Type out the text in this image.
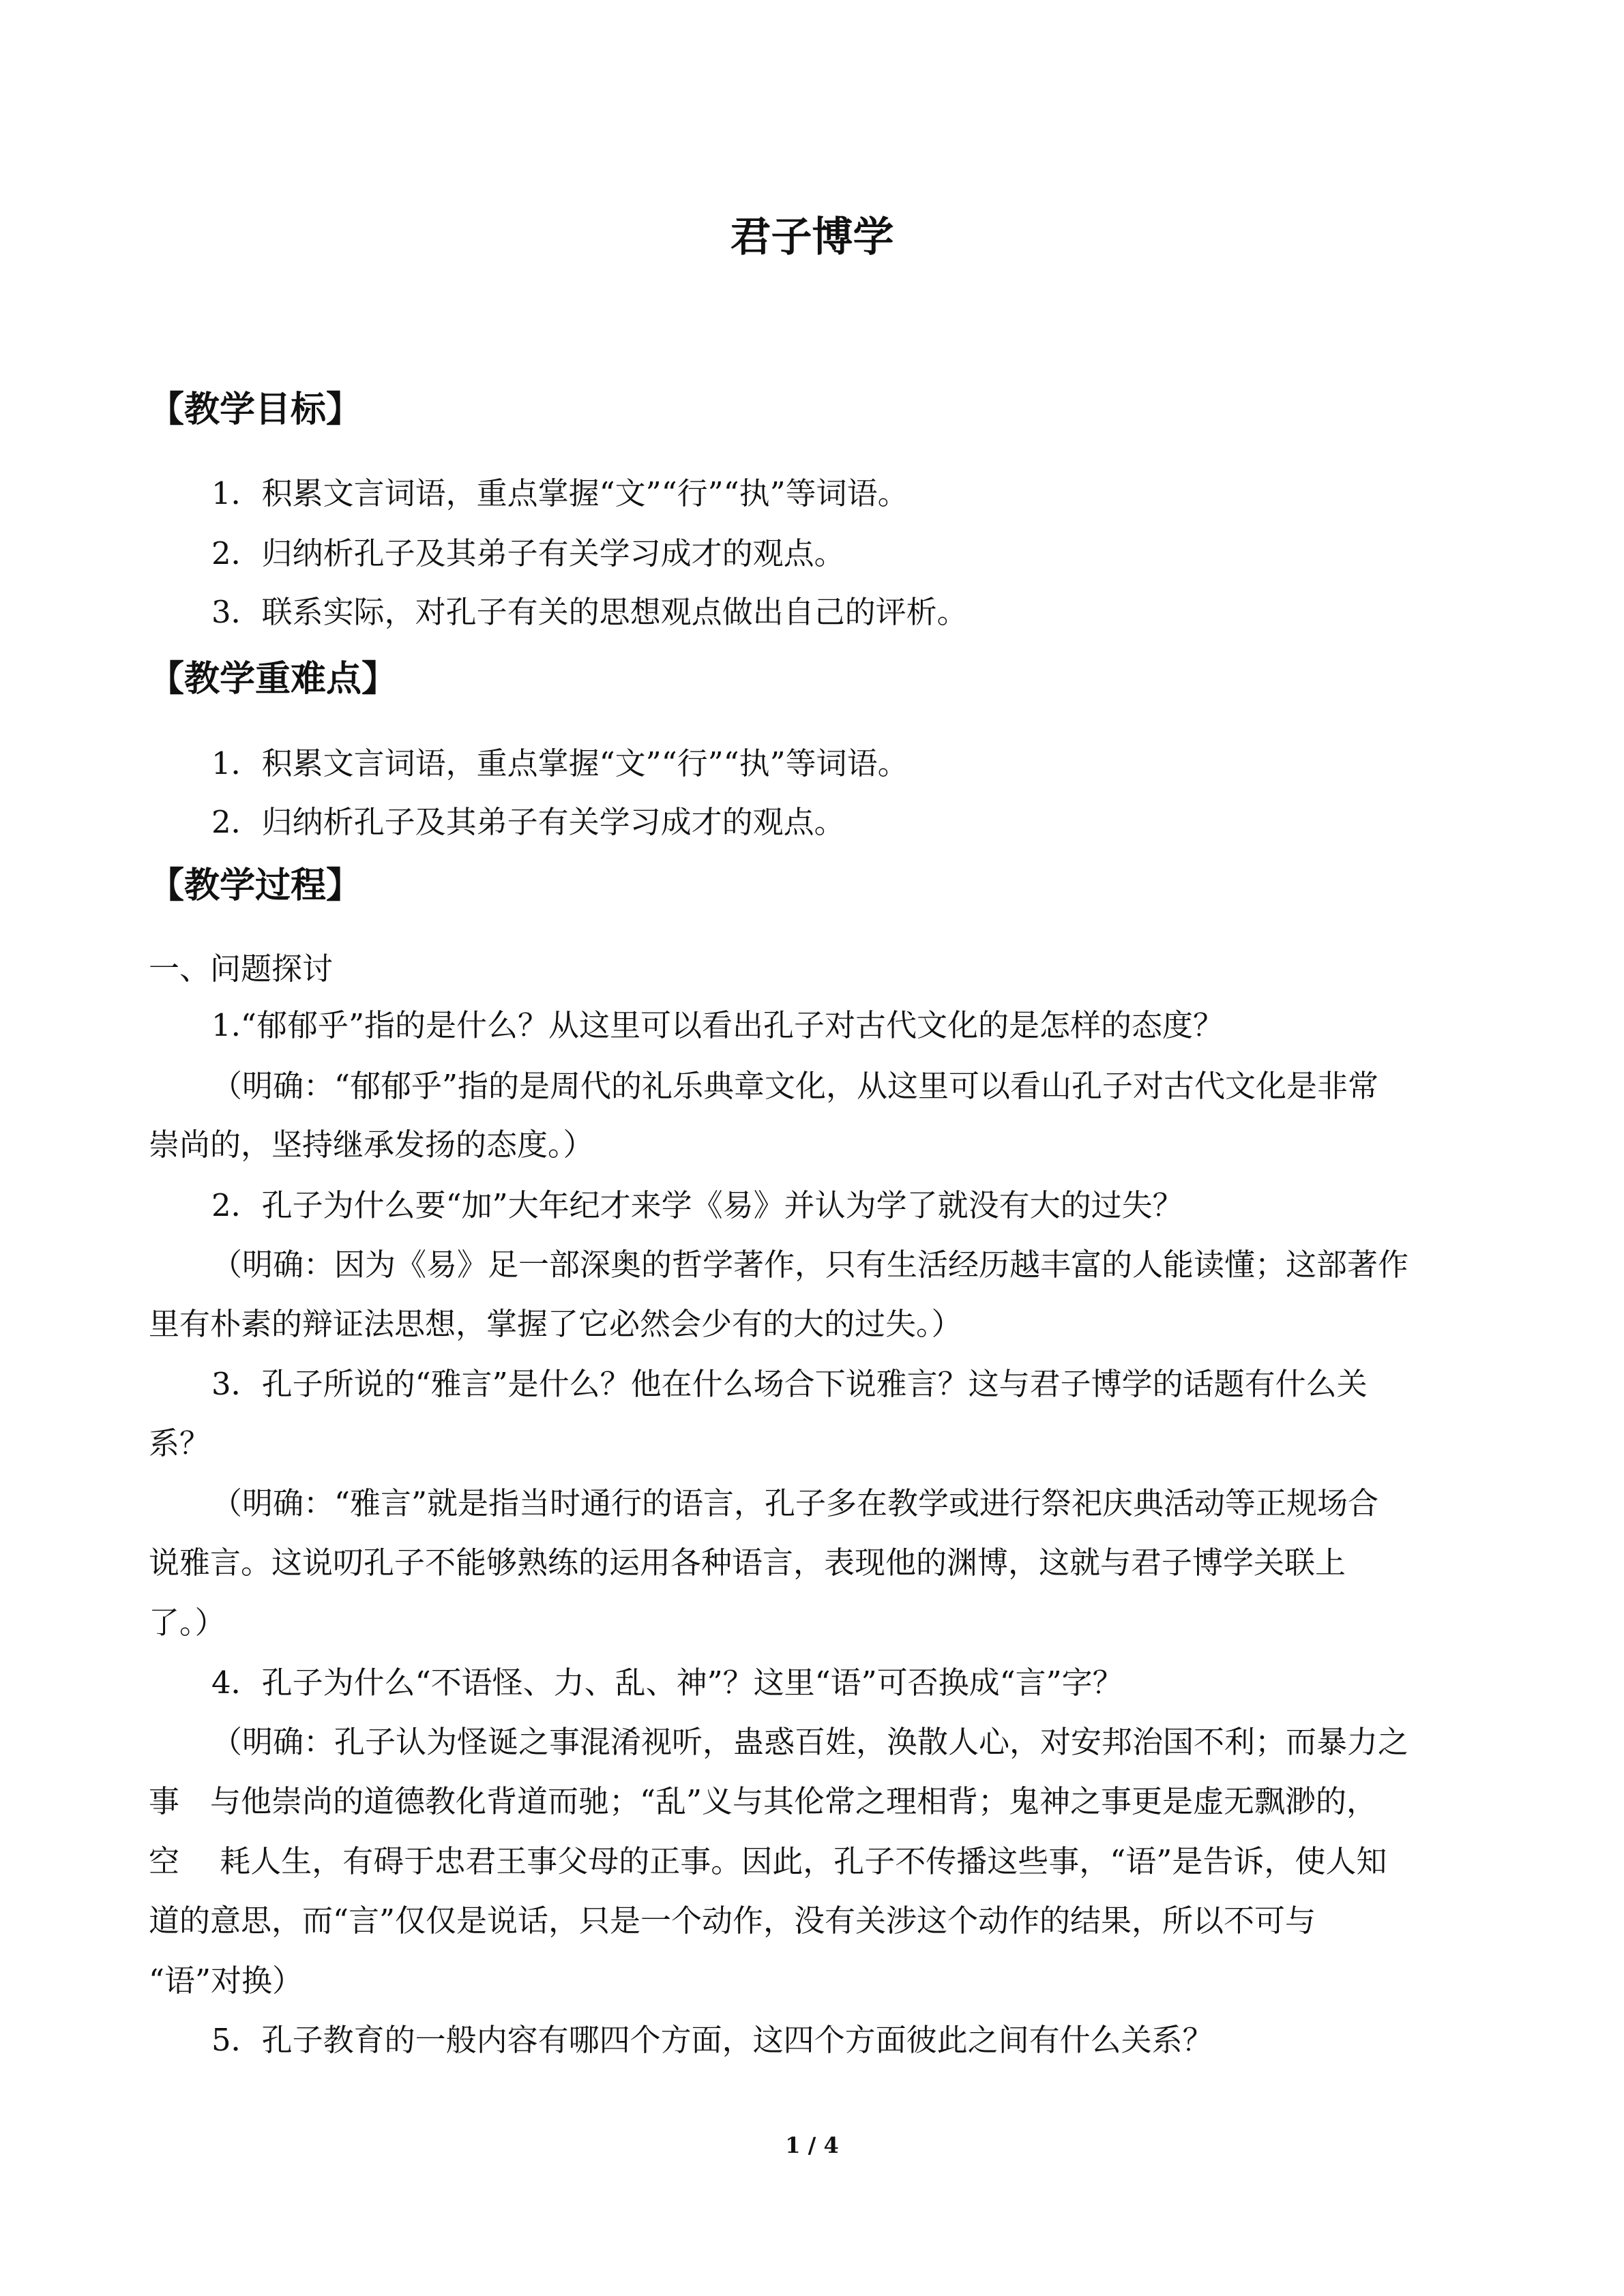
君子博学
【教学目标】
1．积累文言词语，重点掌握“文”“行”“执”等词语。
2．归纳析孔子及其弟子有关学习成才的观点。
3．联系实际，对孔子有关的思想观点做出自己的评析。
【教学重难点】
1．积累文言词语，重点掌握“文”“行”“执”等词语。
2．归纳析孔子及其弟子有关学习成才的观点。
【教学过程】
一、问题探讨
1.“郁郁乎”指的是什么？从这里可以看出孔子对古代文化的是怎样的态度？
（明确：“郁郁乎”指的是周代的礼乐典章文化，从这里可以看山孔子对古代文化是非常
崇尚的，坚持继承发扬的态度。）
2．孔子为什么要“加”大年纪才来学《易》并认为学了就没有大的过失？
（明确：因为《易》足一部深奥的哲学著作，只有生活经历越丰富的人能读懂；这部著作
里有朴素的辩证法思想，掌握了它必然会少有的大的过失。）
3．孔子所说的“雅言”是什么？他在什么场合下说雅言？这与君子博学的话题有什么关
系？
（明确：“雅言”就是指当时通行的语言，孔子多在教学或进行祭祀庆典活动等正规场合
说雅言。这说叨孔子不能够熟练的运用各种语言，表现他的渊博，这就与君子博学关联上
了。）
4．孔子为什么“不语怪、力、乱、神”？这里“语”可否换成“言”字？
（明确：孔子认为怪诞之事混淆视听，蛊惑百姓，涣散人心，对安邦治国不利；而暴力之
事　与他崇尚的道德教化背道而驰；“乱”义与其伦常之理相背；鬼神之事更是虚无飘渺的，
空　 耗人生，有碍于忠君王事父母的正事。因此，孔子不传播这些事，“语”是告诉，使人知
道的意思，而“言”仅仅是说话，只是一个动作，没有关涉这个动作的结果，所以不可与
“语”对换）
5．孔子教育的一般内容有哪四个方面，这四个方面彼此之间有什么关系？
1 / 4
